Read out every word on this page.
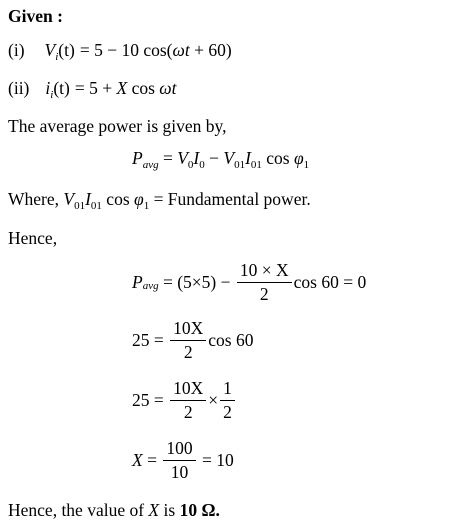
Given :
(i) $V_i(t) = 5 - 10$ cos(ωt + 60)
(ii) $i_i(t) = 5 + X$ cos ωt
The average power is given by,
$P_{avg} = V_0I_0 - V_{01}I_{01}$ $\cos \varphi_1$
Where, $V_{01}I_{01}$ $\cos \varphi_1$ = Fundamental power.
Hence,
P avg = $(5\times 5) - \frac{10 \times X}{2}$ cos 60 = 0
$25 = \frac{10X}{2}$ cos 60
$25 = \frac{10X}{2} \times \frac{1}{2}$
$X = \frac{100}{10} = 10$
Hence, the value of X is 10 Ω.
